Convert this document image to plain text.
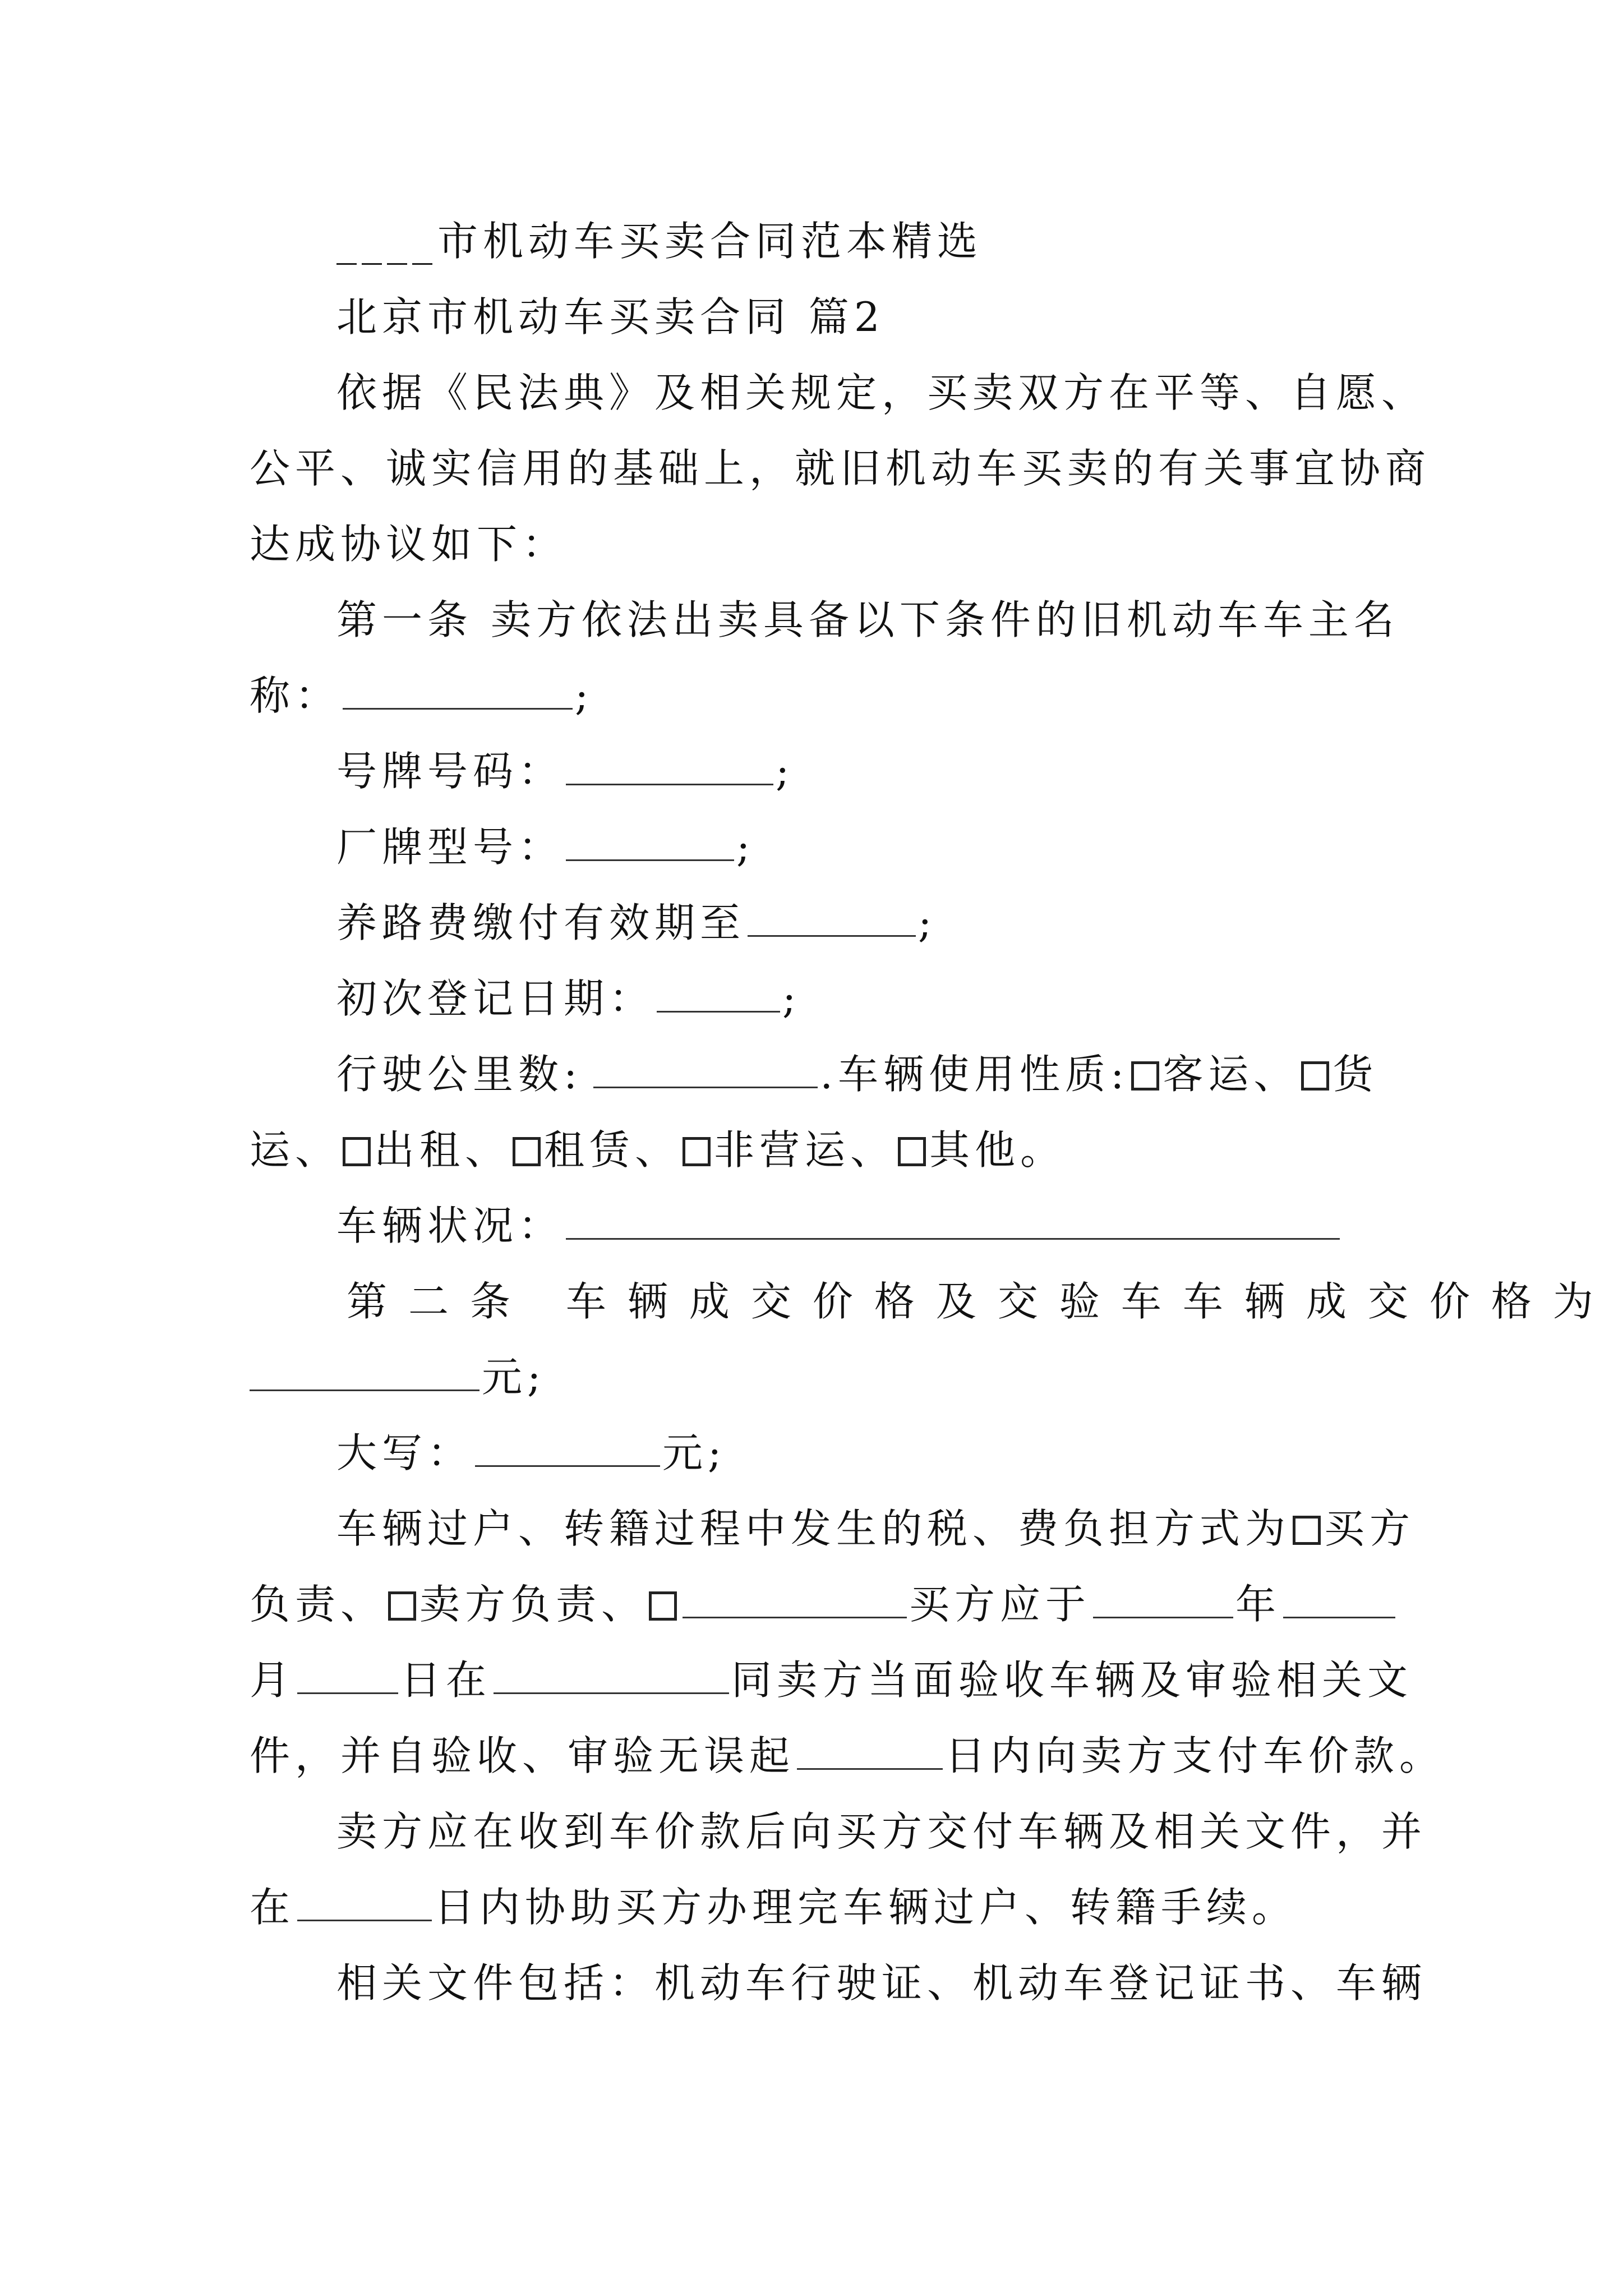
____市机动车买卖合同范本精选
北京市机动车买卖合同 篇2
依据《民法典》及相关规定，买卖双方在平等、自愿、
公平、诚实信用的基础上，就旧机动车买卖的有关事宜协商
达成协议如下：
第一条 卖方依法出卖具备以下条件的旧机动车车主名
称：	;
号牌号码：	;
厂牌型号：	;
养路费缴付有效期至	;
初次登记日期：	;
行驶公里数:	.车辆使用性质: 客运、 货
运、 出租、 租赁、 非营运、 其他。
车辆状况：
第二条 车辆成交价格及交验车车辆成交价格为
元;
大写：	元;
车辆过户、转籍过程中发生的税、费负担方式为 买方
负责、 卖方负责、	买方应于	年
月	日在	同卖方当面验收车辆及审验相关文
件，并自验收、审验无误起	日内向卖方支付车价款。
卖方应在收到车价款后向买方交付车辆及相关文件，并
在	日内协助买方办理完车辆过户、转籍手续。
相关文件包括：机动车行驶证、机动车登记证书、车辆
